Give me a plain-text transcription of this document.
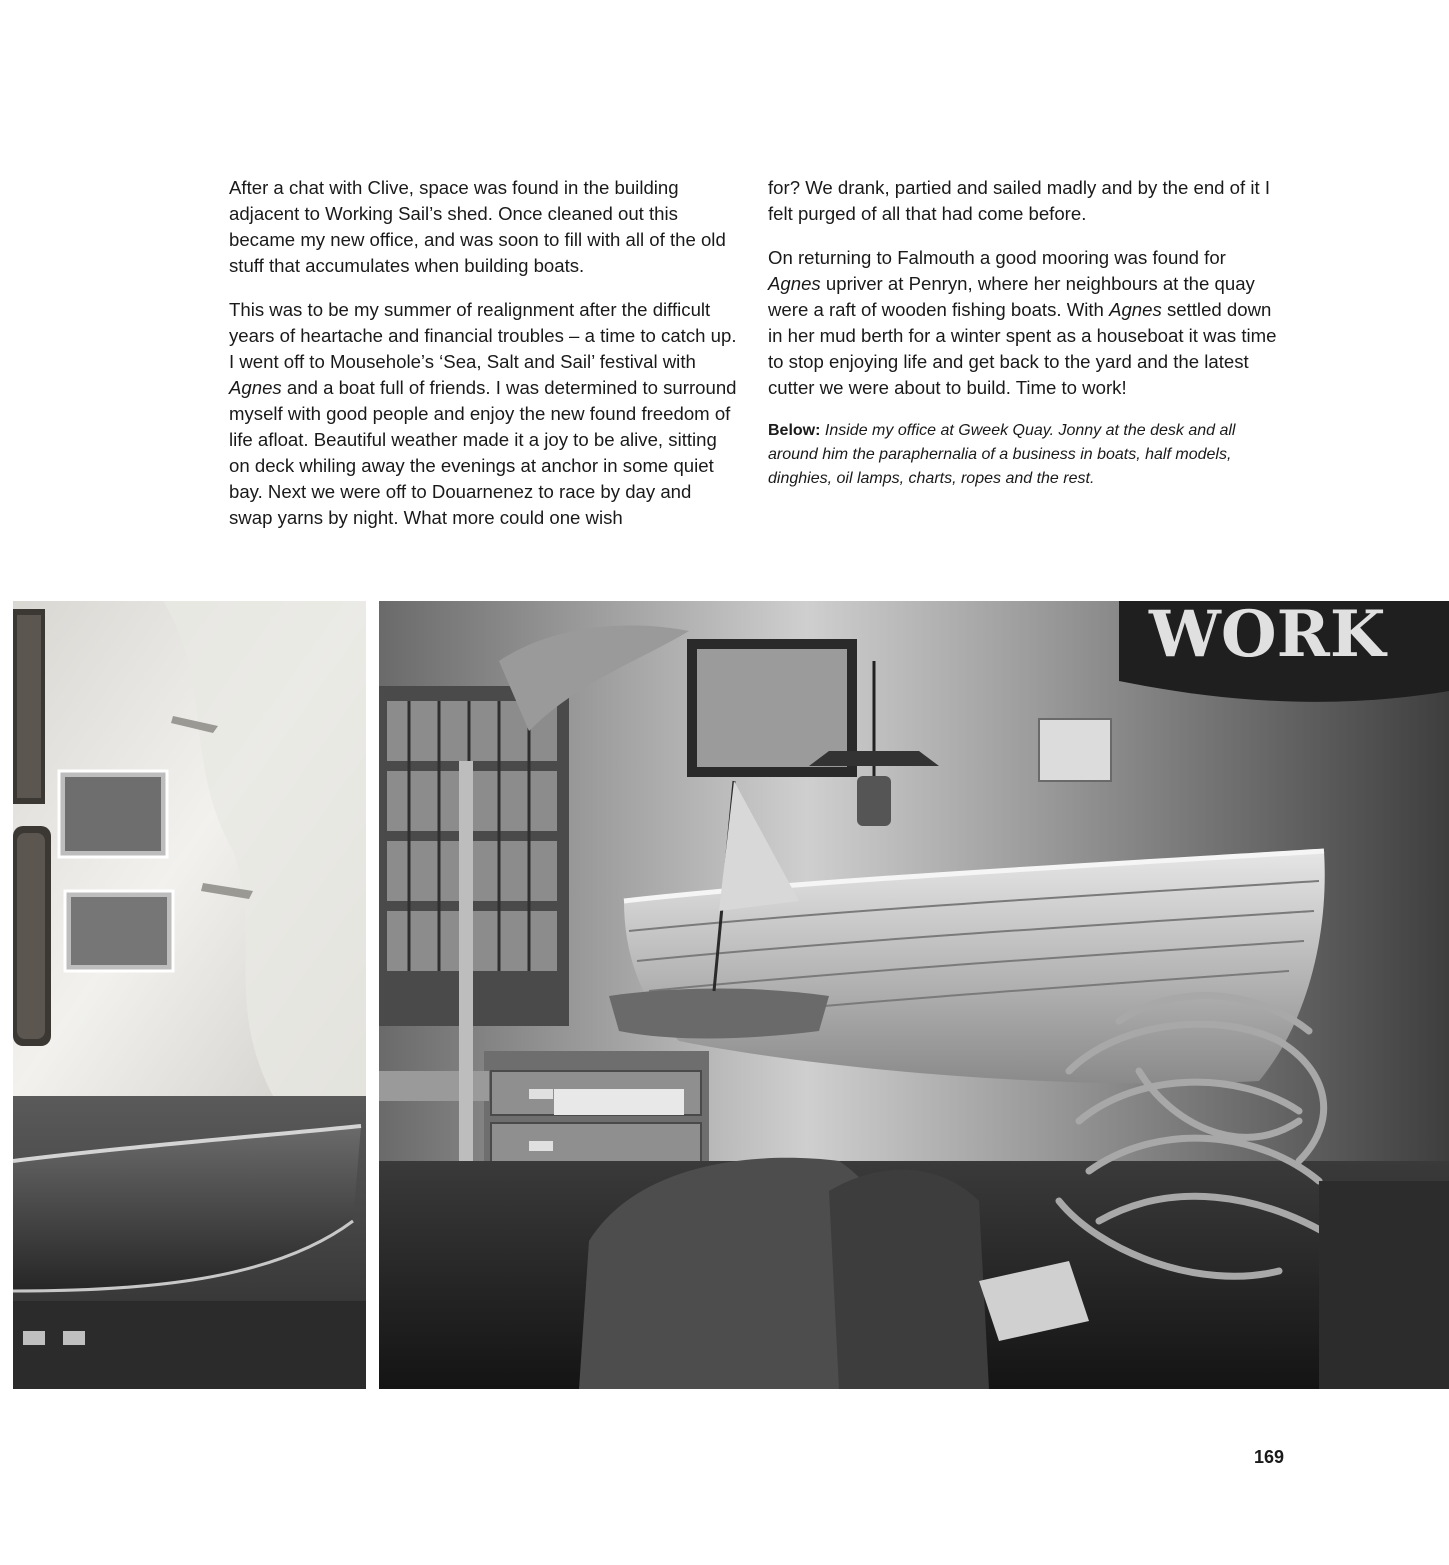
After a chat with Clive, space was found in the building adjacent to Working Sail’s shed. Once cleaned out this became my new office, and was soon to fill with all of the old stuff that accumulates when building boats.

This was to be my summer of realignment after the difficult years of heartache and financial troubles – a time to catch up. I went off to Mousehole’s ‘Sea, Salt and Sail’ festival with Agnes and a boat full of friends. I was determined to surround myself with good people and enjoy the new found freedom of life afloat. Beautiful weather made it a joy to be alive, sitting on deck whiling away the evenings at anchor in some quiet bay. Next we were off to Douarnenez to race by day and swap yarns by night. What more could one wish

for? We drank, partied and sailed madly and by the end of it I felt purged of all that had come before.

On returning to Falmouth a good mooring was found for Agnes upriver at Penryn, where her neighbours at the quay were a raft of wooden fishing boats. With Agnes settled down in her mud berth for a winter spent as a houseboat it was time to stop enjoying life and get back to the yard and the latest cutter we were about to build. Time to work!

Below: Inside my office at Gweek Quay. Jonny at the desk and all around him the paraphernalia of a business in boats, half models, dinghies, oil lamps, charts, ropes and the rest.

WORK
169
